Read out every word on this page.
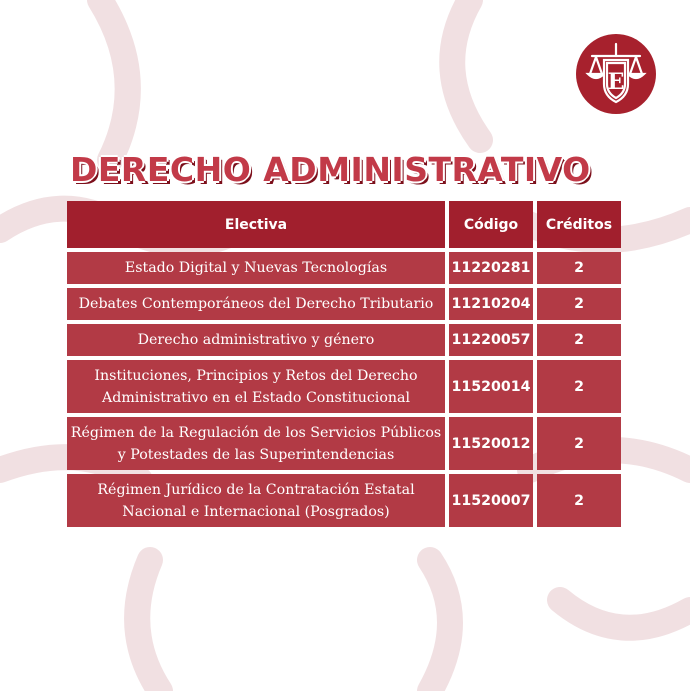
E
DERECHO ADMINISTRATIVO
Electiva	Código	Créditos
Estado Digital y Nuevas Tecnologías	11220281	2
Debates Contemporáneos del Derecho Tributario	11210204	2
Derecho administrativo y género	11220057	2
Instituciones, Principios y Retos del Derecho Administrativo en el Estado Constitucional	11520014	2
Régimen de la Regulación de los Servicios Públicos y Potestades de las Superintendencias	11520012	2
Régimen Jurídico de la Contratación Estatal Nacional e Internacional (Posgrados)	11520007	2
